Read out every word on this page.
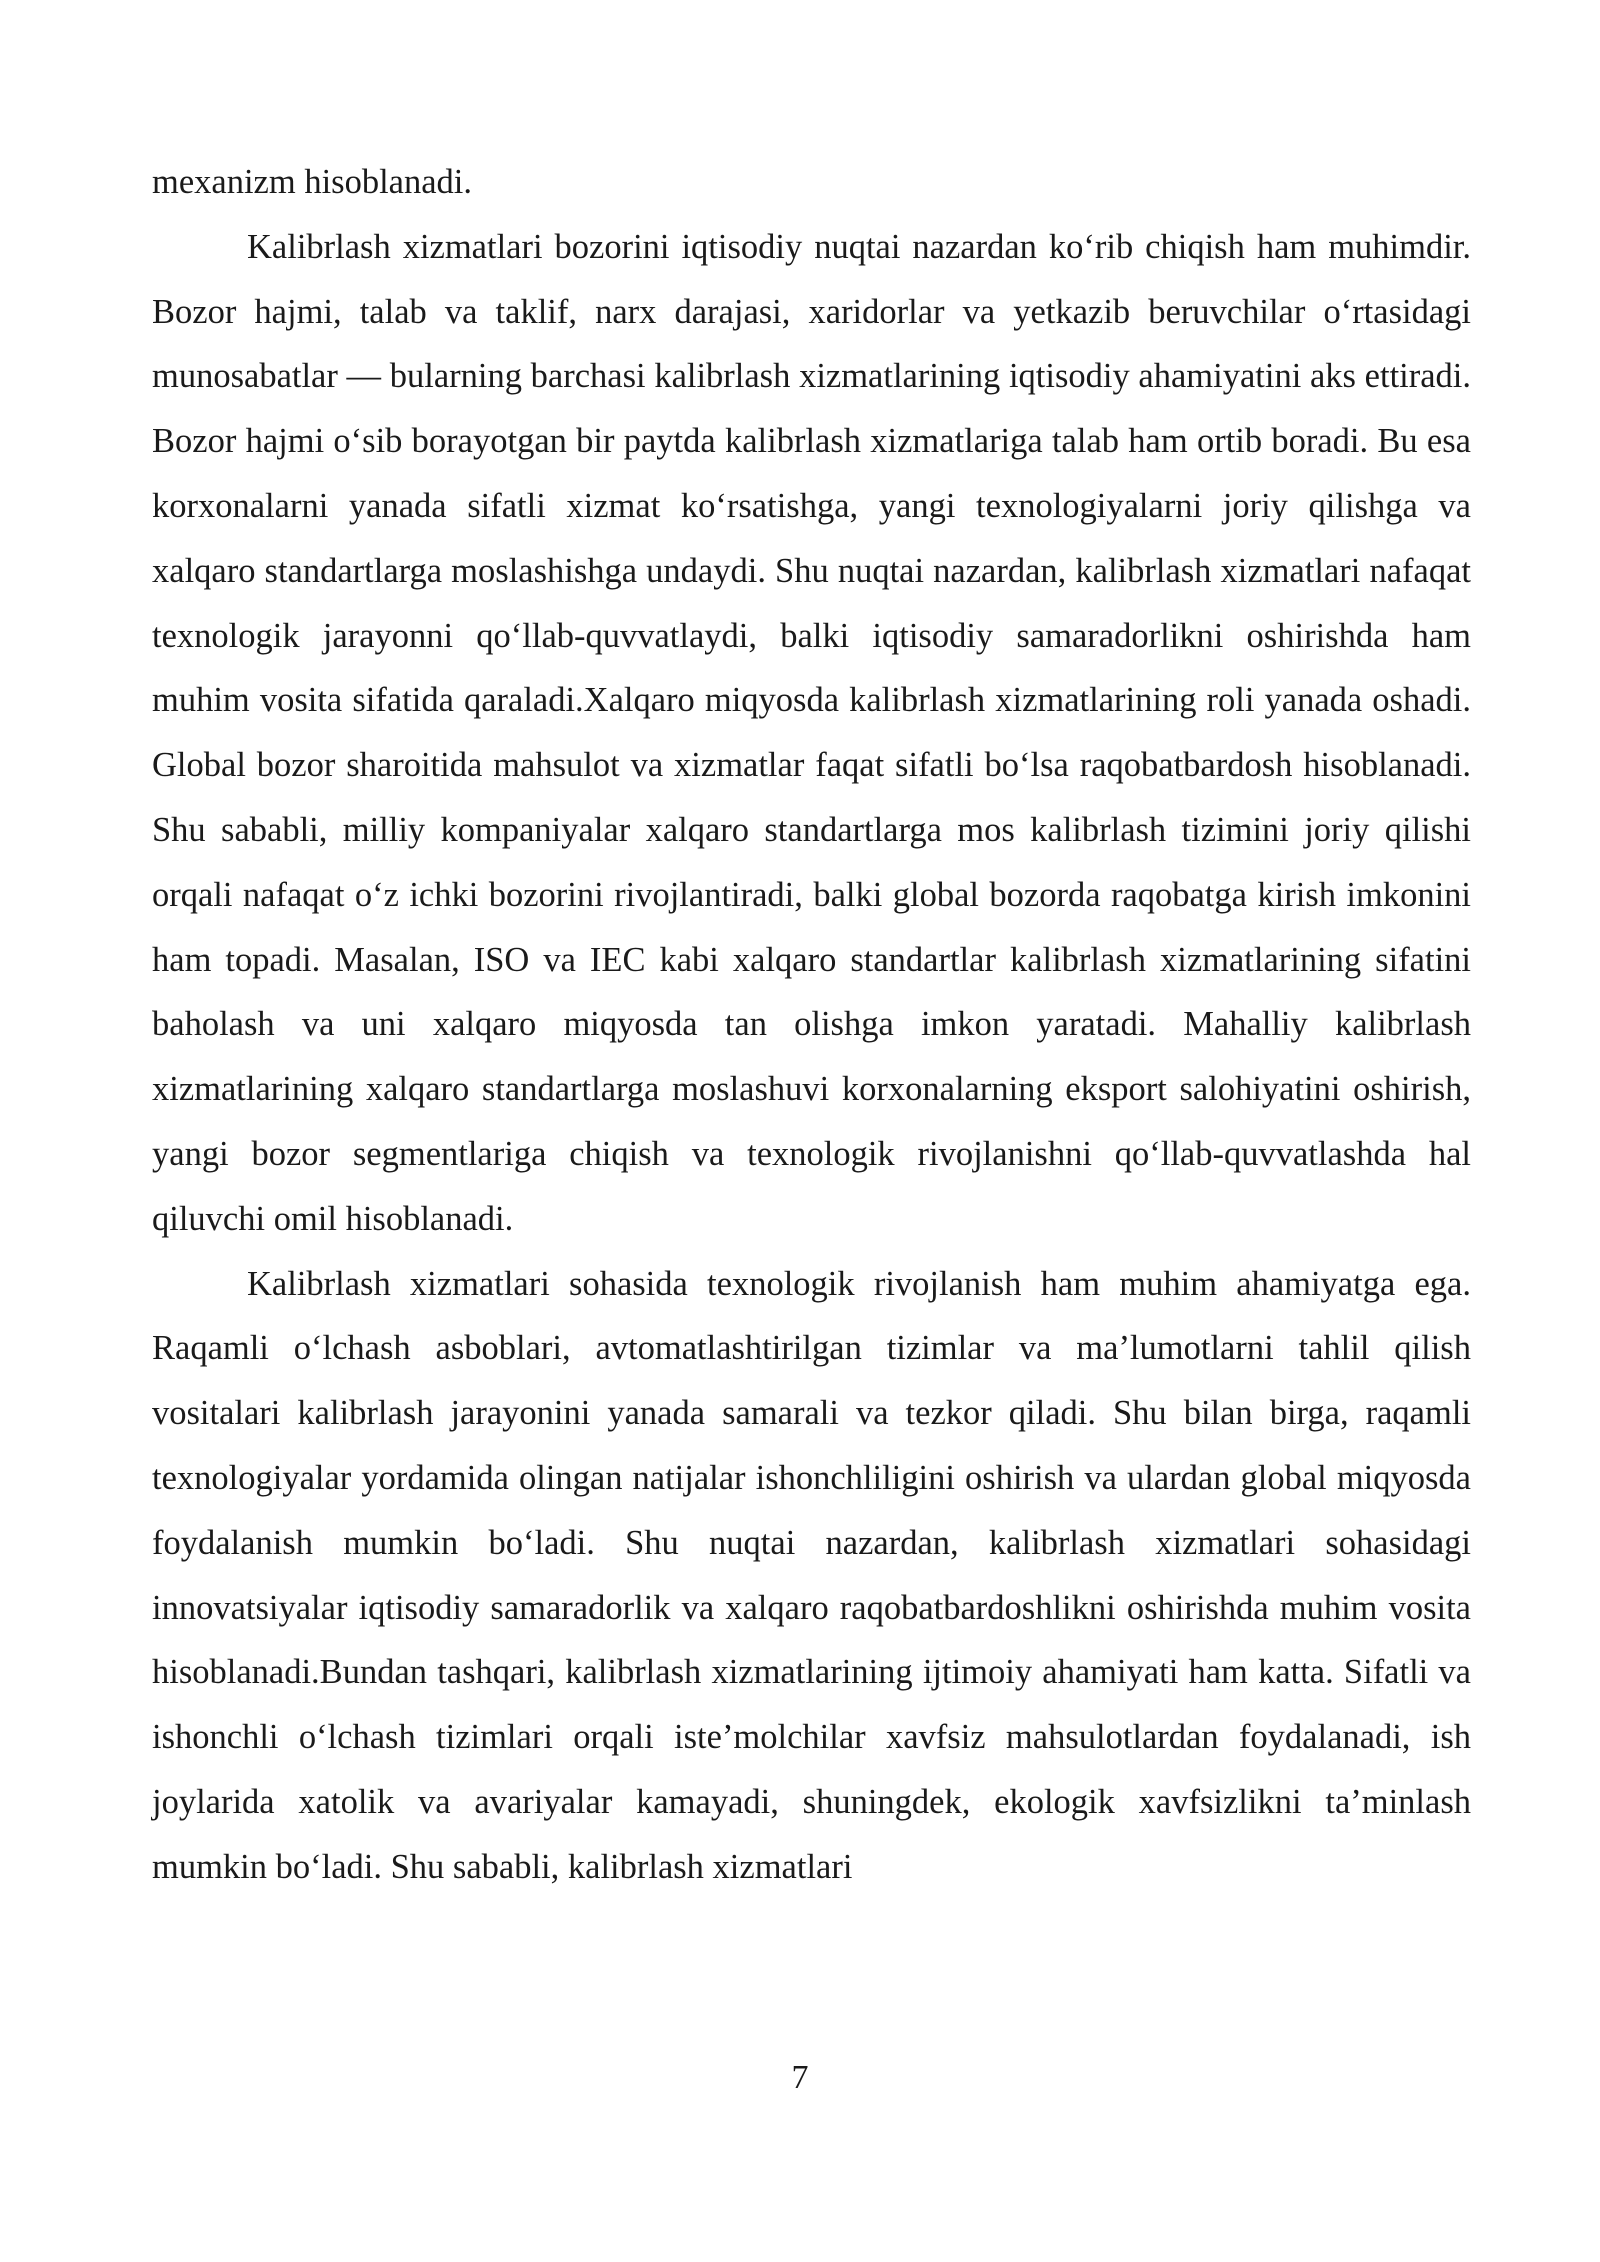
mexanizm hisoblanadi.

Kalibrlash xizmatlari bozorini iqtisodiy nuqtai nazardan ko‘rib chiqish ham muhimdir. Bozor hajmi, talab va taklif, narx darajasi, xaridorlar va yetkazib beruvchilar o‘rtasidagi munosabatlar — bularning barchasi kalibrlash xizmatlarining iqtisodiy ahamiyatini aks ettiradi. Bozor hajmi o‘sib borayotgan bir paytda kalibrlash xizmatlariga talab ham ortib boradi. Bu esa korxonalarni yanada sifatli xizmat ko‘rsatishga, yangi texnologiyalarni joriy qilishga va xalqaro standartlarga moslashishga undaydi. Shu nuqtai nazardan, kalibrlash xizmatlari nafaqat texnologik jarayonni qo‘llab-quvvatlaydi, balki iqtisodiy samaradorlikni oshirishda ham muhim vosita sifatida qaraladi.Xalqaro miqyosda kalibrlash xizmatlarining roli yanada oshadi. Global bozor sharoitida mahsulot va xizmatlar faqat sifatli bo‘lsa raqobatbardosh hisoblanadi. Shu sababli, milliy kompaniyalar xalqaro standartlarga mos kalibrlash tizimini joriy qilishi orqali nafaqat o‘z ichki bozorini rivojlantiradi, balki global bozorda raqobatga kirish imkonini ham topadi. Masalan, ISO va IEC kabi xalqaro standartlar kalibrlash xizmatlarining sifatini baholash va uni xalqaro miqyosda tan olishga imkon yaratadi. Mahalliy kalibrlash xizmatlarining xalqaro standartlarga moslashuvi korxonalarning eksport salohiyatini oshirish, yangi bozor segmentlariga chiqish va texnologik rivojlanishni qo‘llab-quvvatlashda hal qiluvchi omil hisoblanadi.

Kalibrlash xizmatlari sohasida texnologik rivojlanish ham muhim ahamiyatga ega. Raqamli o‘lchash asboblari, avtomatlashtirilgan tizimlar va ma’lumotlarni tahlil qilish vositalari kalibrlash jarayonini yanada samarali va tezkor qiladi. Shu bilan birga, raqamli texnologiyalar yordamida olingan natijalar ishonchliligini oshirish va ulardan global miqyosda foydalanish mumkin bo‘ladi. Shu nuqtai nazardan, kalibrlash xizmatlari sohasidagi innovatsiyalar iqtisodiy samaradorlik va xalqaro raqobatbardoshlikni oshirishda muhim vosita hisoblanadi.Bundan tashqari, kalibrlash xizmatlarining ijtimoiy ahamiyati ham katta. Sifatli va ishonchli o‘lchash tizimlari orqali iste’molchilar xavfsiz mahsulotlardan foydalanadi, ish joylarida xatolik va avariyalar kamayadi, shuningdek, ekologik xavfsizlikni ta’minlash mumkin bo‘ladi. Shu sababli, kalibrlash xizmatlari

7
